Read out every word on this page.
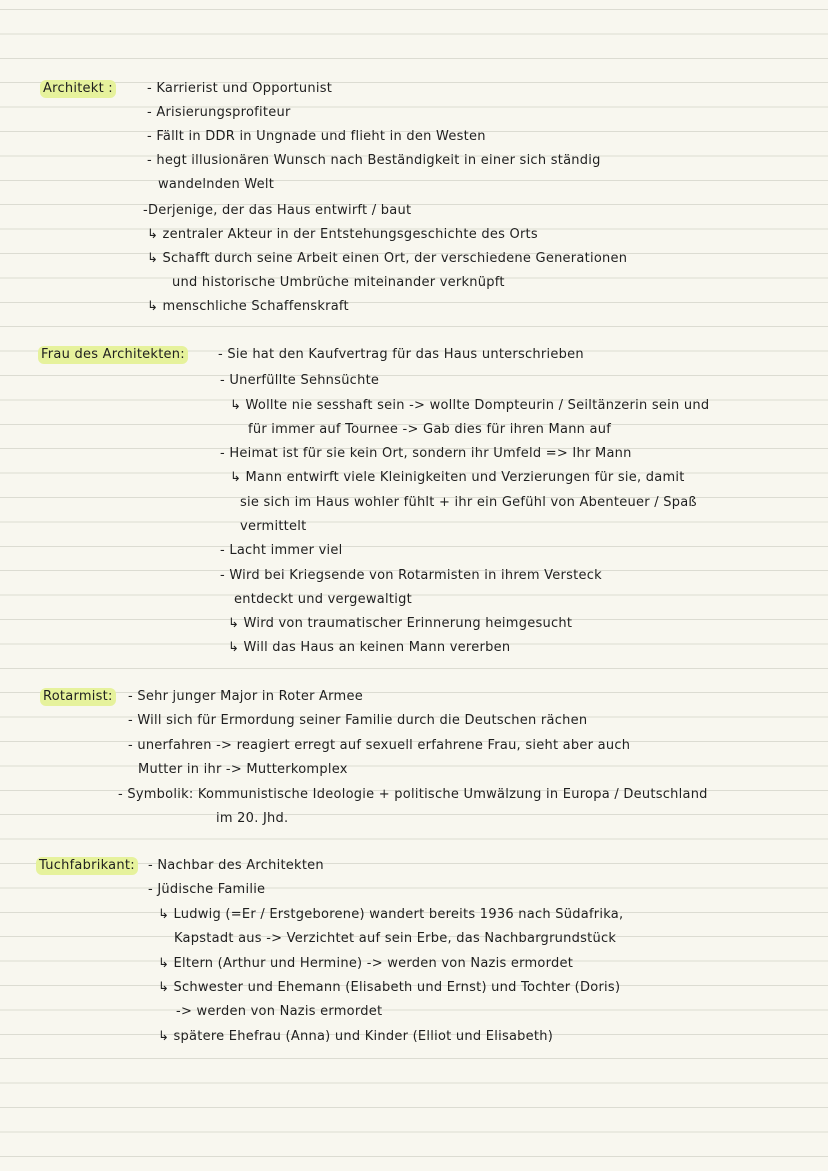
Architekt :	- Karrierist und Opportunist
- Arisierungsprofiteur
- Fällt in DDR in Ungnade und flieht in den Westen
- hegt illusionären Wunsch nach Beständigkeit in einer sich ständig
wandelnden Welt
-Derjenige, der das Haus entwirft / baut
↳ zentraler Akteur in der Entstehungsgeschichte des Orts
↳ Schafft durch seine Arbeit einen Ort, der verschiedene Generationen
und historische Umbrüche miteinander verknüpft
↳ menschliche Schaffenskraft
Frau des Architekten:	- Sie hat den Kaufvertrag für das Haus unterschrieben
- Unerfüllte Sehnsüchte
↳ Wollte nie sesshaft sein -> wollte Dompteurin / Seiltänzerin sein und
für immer auf Tournee -> Gab dies für ihren Mann auf
- Heimat ist für sie kein Ort, sondern ihr Umfeld => Ihr Mann
↳ Mann entwirft viele Kleinigkeiten und Verzierungen für sie, damit
sie sich im Haus wohler fühlt + ihr ein Gefühl von Abenteuer / Spaß
vermittelt
- Lacht immer viel
- Wird bei Kriegsende von Rotarmisten in ihrem Versteck
entdeckt und vergewaltigt
↳ Wird von traumatischer Erinnerung heimgesucht
↳ Will das Haus an keinen Mann vererben
Rotarmist: - Sehr junger Major in Roter Armee
- Will sich für Ermordung seiner Familie durch die Deutschen rächen
- unerfahren -> reagiert erregt auf sexuell erfahrene Frau, sieht aber auch
Mutter in ihr -> Mutterkomplex
- Symbolik: Kommunistische Ideologie + politische Umwälzung in Europa / Deutschland
im 20. Jhd.
Tuchfabrikant: - Nachbar des Architekten
- Jüdische Familie
↳ Ludwig (=Er / Erstgeborene) wandert bereits 1936 nach Südafrika,
Kapstadt aus -> Verzichtet auf sein Erbe, das Nachbargrundstück
↳ Eltern (Arthur und Hermine) -> werden von Nazis ermordet
↳ Schwester und Ehemann (Elisabeth und Ernst) und Tochter (Doris)
-> werden von Nazis ermordet
↳ spätere Ehefrau (Anna) und Kinder (Elliot und Elisabeth)
